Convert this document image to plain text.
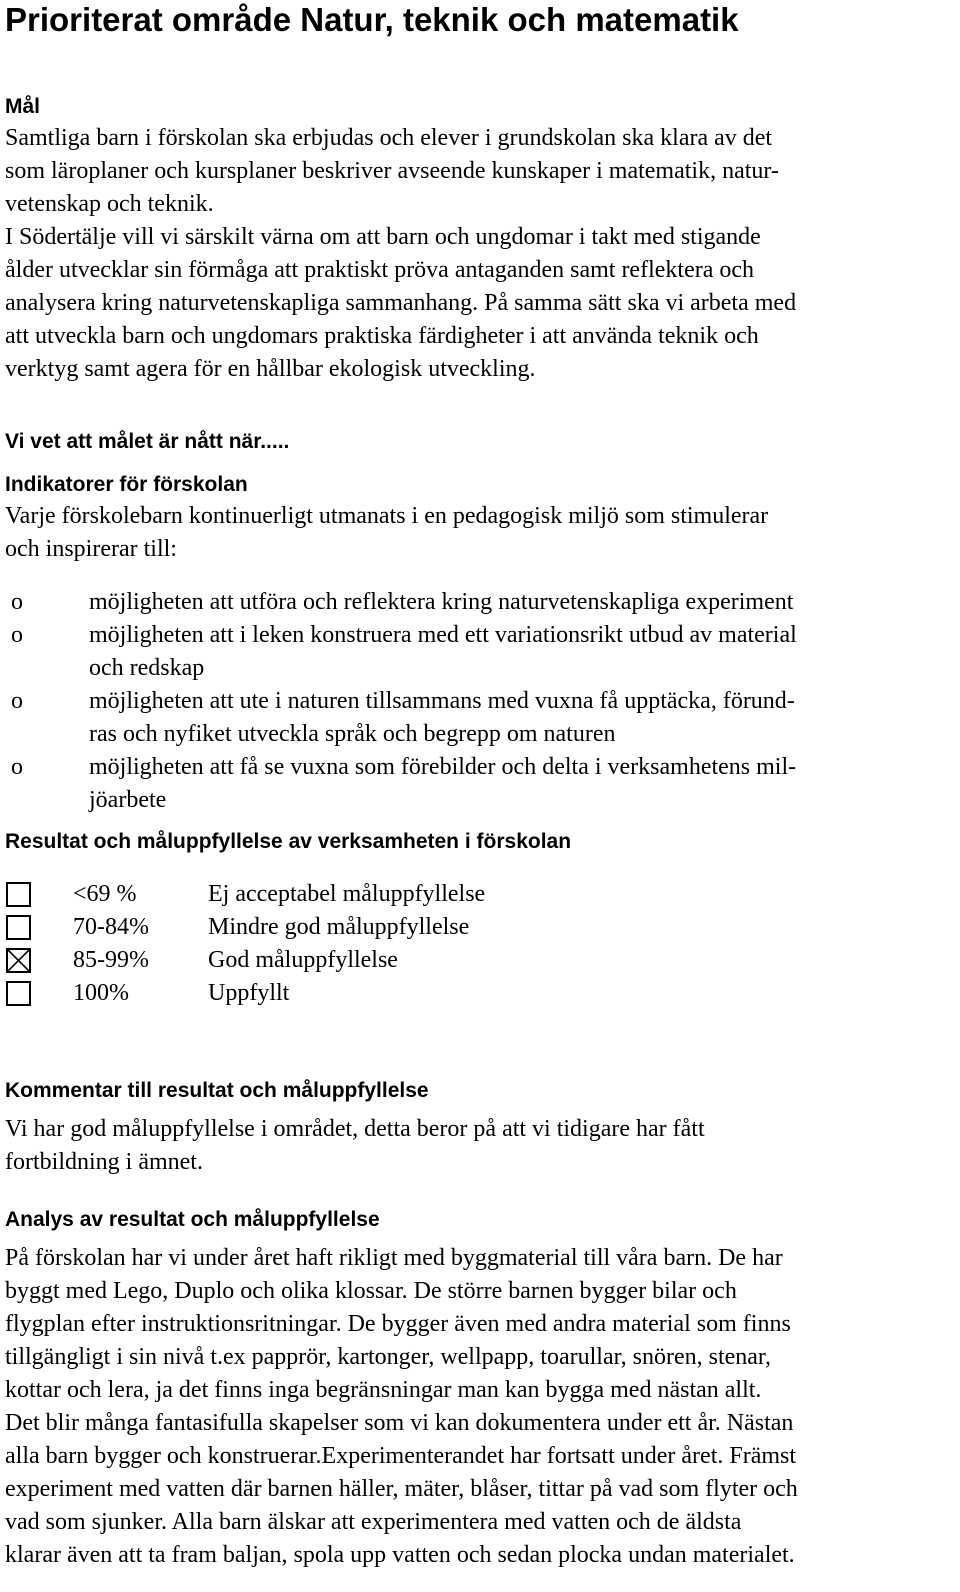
Prioriterat område Natur, teknik och matematik
Mål
Samtliga barn i förskolan ska erbjudas och elever i grundskolan ska klara av det
som läroplaner och kursplaner beskriver avseende kunskaper i matematik, natur-
vetenskap och teknik.
I Södertälje vill vi särskilt värna om att barn och ungdomar i takt med stigande
ålder utvecklar sin förmåga att praktiskt pröva antaganden samt reflektera och
analysera kring naturvetenskapliga sammanhang. På samma sätt ska vi arbeta med
att utveckla barn och ungdomars praktiska färdigheter i att använda teknik och
verktyg samt agera för en hållbar ekologisk utveckling.
Vi vet att målet är nått när.....
Indikatorer för förskolan
Varje förskolebarn kontinuerligt utmanats i en pedagogisk miljö som stimulerar
och inspirerar till:
o	möjligheten att utföra och reflektera kring naturvetenskapliga experiment
o	möjligheten att i leken konstruera med ett variationsrikt utbud av material
och redskap
o	möjligheten att ute i naturen tillsammans med vuxna få upptäcka, förund-
ras och nyfiket utveckla språk och begrepp om naturen
o	möjligheten att få se vuxna som förebilder och delta i verksamhetens mil-
jöarbete
Resultat och måluppfyllelse av verksamheten i förskolan
<69 %	Ej acceptabel måluppfyllelse
70-84% Mindre god måluppfyllelse
85-99% God måluppfyllelse
100%	Uppfyllt
Kommentar till resultat och måluppfyllelse
Vi har god måluppfyllelse i området, detta beror på att vi tidigare har fått
fortbildning i ämnet.
Analys av resultat och måluppfyllelse
På förskolan har vi under året haft rikligt med byggmaterial till våra barn. De har
byggt med Lego, Duplo och olika klossar. De större barnen bygger bilar och
flygplan efter instruktionsritningar. De bygger även med andra material som finns
tillgängligt i sin nivå t.ex papprör, kartonger, wellpapp, toarullar, snören, stenar,
kottar och lera, ja det finns inga begränsningar man kan bygga med nästan allt.
Det blir många fantasifulla skapelser som vi kan dokumentera under ett år. Nästan
alla barn bygger och konstruerar.Experimenterandet har fortsatt under året. Främst
experiment med vatten där barnen häller, mäter, blåser, tittar på vad som flyter och
vad som sjunker. Alla barn älskar att experimentera med vatten och de äldsta
klarar även att ta fram baljan, spola upp vatten och sedan plocka undan materialet.
